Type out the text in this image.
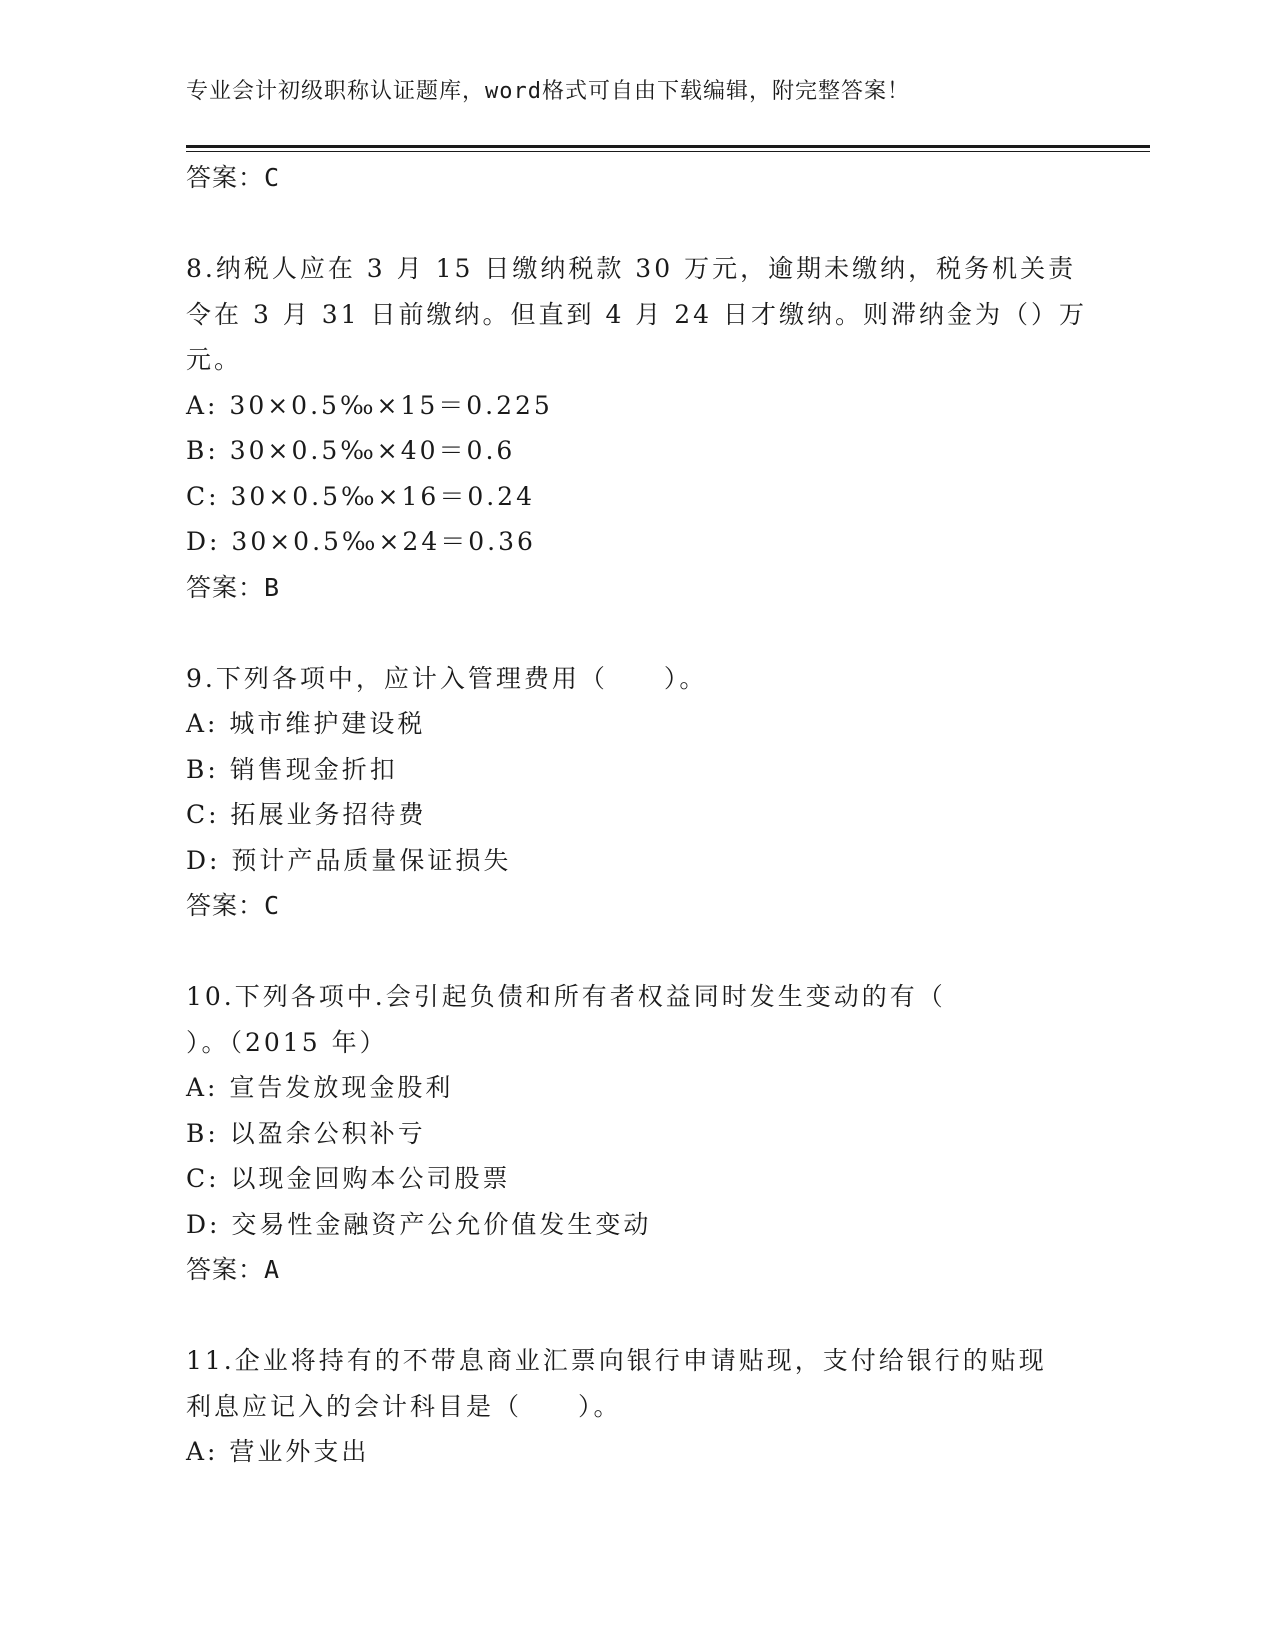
专业会计初级职称认证题库，word格式可自由下载编辑，附完整答案！
答案：C
8.纳税人应在 3 月 15 日缴纳税款 30 万元，逾期未缴纳，税务机关责
令在 3 月 31 日前缴纳。但直到 4 月 24 日才缴纳。则滞纳金为（）万
元。
A: 30×0.5‰×15＝0.225
B: 30×0.5‰×40＝0.6
C: 30×0.5‰×16＝0.24
D: 30×0.5‰×24＝0.36
答案：B
9.下列各项中，应计入管理费用（　　）。
A: 城市维护建设税
B: 销售现金折扣
C: 拓展业务招待费
D: 预计产品质量保证损失
答案：C
10.下列各项中.会引起负债和所有者权益同时发生变动的有（
）。（2015 年）
A: 宣告发放现金股利
B: 以盈余公积补亏
C: 以现金回购本公司股票
D: 交易性金融资产公允价值发生变动
答案：A
11.企业将持有的不带息商业汇票向银行申请贴现，支付给银行的贴现
利息应记入的会计科目是（　　）。
A: 营业外支出
